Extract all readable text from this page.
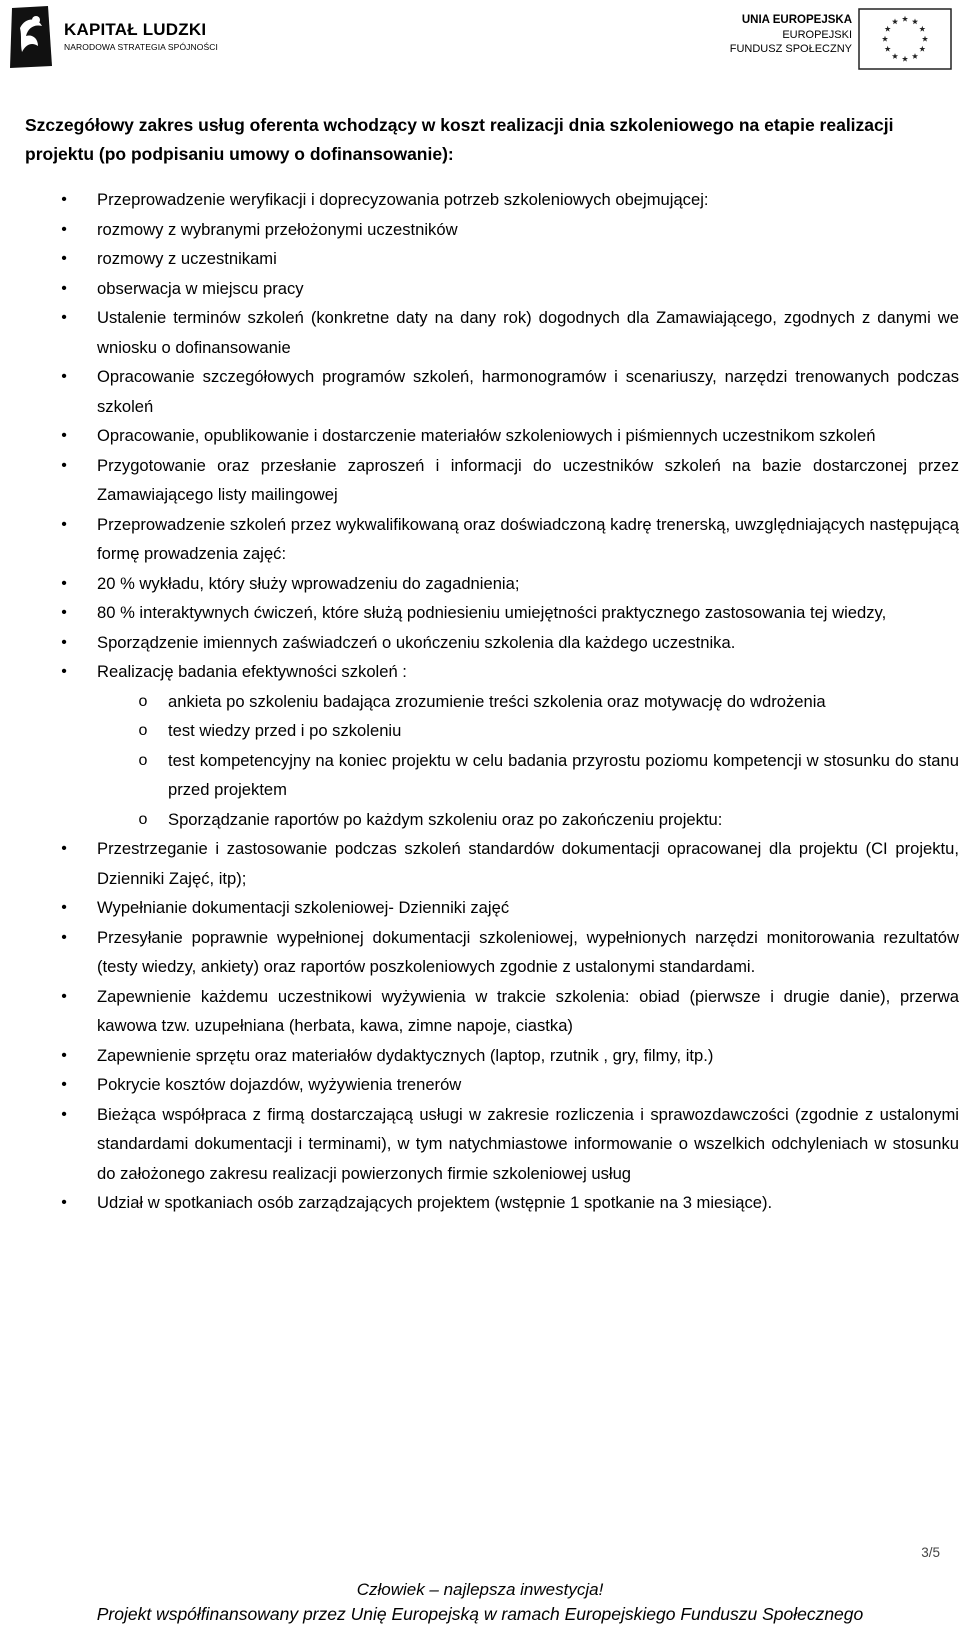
KAPITAŁ LUDZKI
NARODOWA STRATEGIA SPÓJNOŚCI
UNIA EUROPEJSKA
EUROPEJSKI
FUNDUSZ SPOŁECZNY
Szczegółowy zakres usług oferenta wchodzący w koszt realizacji dnia szkoleniowego na etapie realizacji projektu (po podpisaniu umowy o dofinansowanie):
• Przeprowadzenie weryfikacji i doprecyzowania potrzeb szkoleniowych obejmującej:
• rozmowy z wybranymi przełożonymi uczestników
• rozmowy z uczestnikami
• obserwacja w miejscu pracy
• Ustalenie terminów szkoleń (konkretne daty na dany rok) dogodnych dla Zamawiającego, zgodnych z danymi we wniosku o dofinansowanie
• Opracowanie szczegółowych programów szkoleń, harmonogramów i scenariuszy, narzędzi trenowanych podczas szkoleń
• Opracowanie, opublikowanie i dostarczenie materiałów szkoleniowych i piśmiennych uczestnikom szkoleń
• Przygotowanie oraz przesłanie zaproszeń i informacji do uczestników szkoleń na bazie dostarczonej przez Zamawiającego listy mailingowej
• Przeprowadzenie szkoleń przez wykwalifikowaną oraz doświadczoną kadrę trenerską, uwzględniających następującą formę prowadzenia zajęć:
• 20 % wykładu, który służy wprowadzeniu do zagadnienia;
• 80 % interaktywnych ćwiczeń, które służą podniesieniu umiejętności praktycznego zastosowania tej wiedzy,
• Sporządzenie imiennych zaświadczeń o ukończeniu szkolenia dla każdego uczestnika.
• Realizację badania efektywności szkoleń :
o ankieta po szkoleniu badająca zrozumienie treści szkolenia oraz motywację do wdrożenia
o test wiedzy przed i po szkoleniu
o test kompetencyjny na koniec projektu w celu badania przyrostu poziomu kompetencji w stosunku do stanu przed projektem
o Sporządzanie raportów po każdym szkoleniu oraz po zakończeniu projektu:
• Przestrzeganie i zastosowanie podczas szkoleń standardów dokumentacji opracowanej dla projektu (CI projektu, Dzienniki Zajęć, itp);
• Wypełnianie dokumentacji szkoleniowej- Dzienniki zajęć
• Przesyłanie poprawnie wypełnionej dokumentacji szkoleniowej, wypełnionych narzędzi monitorowania rezultatów (testy wiedzy, ankiety) oraz raportów poszkoleniowych zgodnie z ustalonymi standardami.
• Zapewnienie każdemu uczestnikowi wyżywienia w trakcie szkolenia: obiad (pierwsze i drugie danie), przerwa kawowa tzw. uzupełniana (herbata, kawa, zimne napoje, ciastka)
• Zapewnienie sprzętu oraz materiałów dydaktycznych (laptop, rzutnik , gry, filmy, itp.)
• Pokrycie kosztów dojazdów, wyżywienia trenerów
• Bieżąca współpraca z firmą dostarczającą usługi w zakresie rozliczenia i sprawozdawczości (zgodnie z ustalonymi standardami dokumentacji i terminami), w tym natychmiastowe informowanie o wszelkich odchyleniach w stosunku do założonego zakresu realizacji powierzonych firmie szkoleniowej usług
• Udział w spotkaniach osób zarządzających projektem (wstępnie 1 spotkanie na 3 miesiące).
3/5
Człowiek – najlepsza inwestycja!
Projekt współfinansowany przez Unię Europejską w ramach Europejskiego Funduszu Społecznego
